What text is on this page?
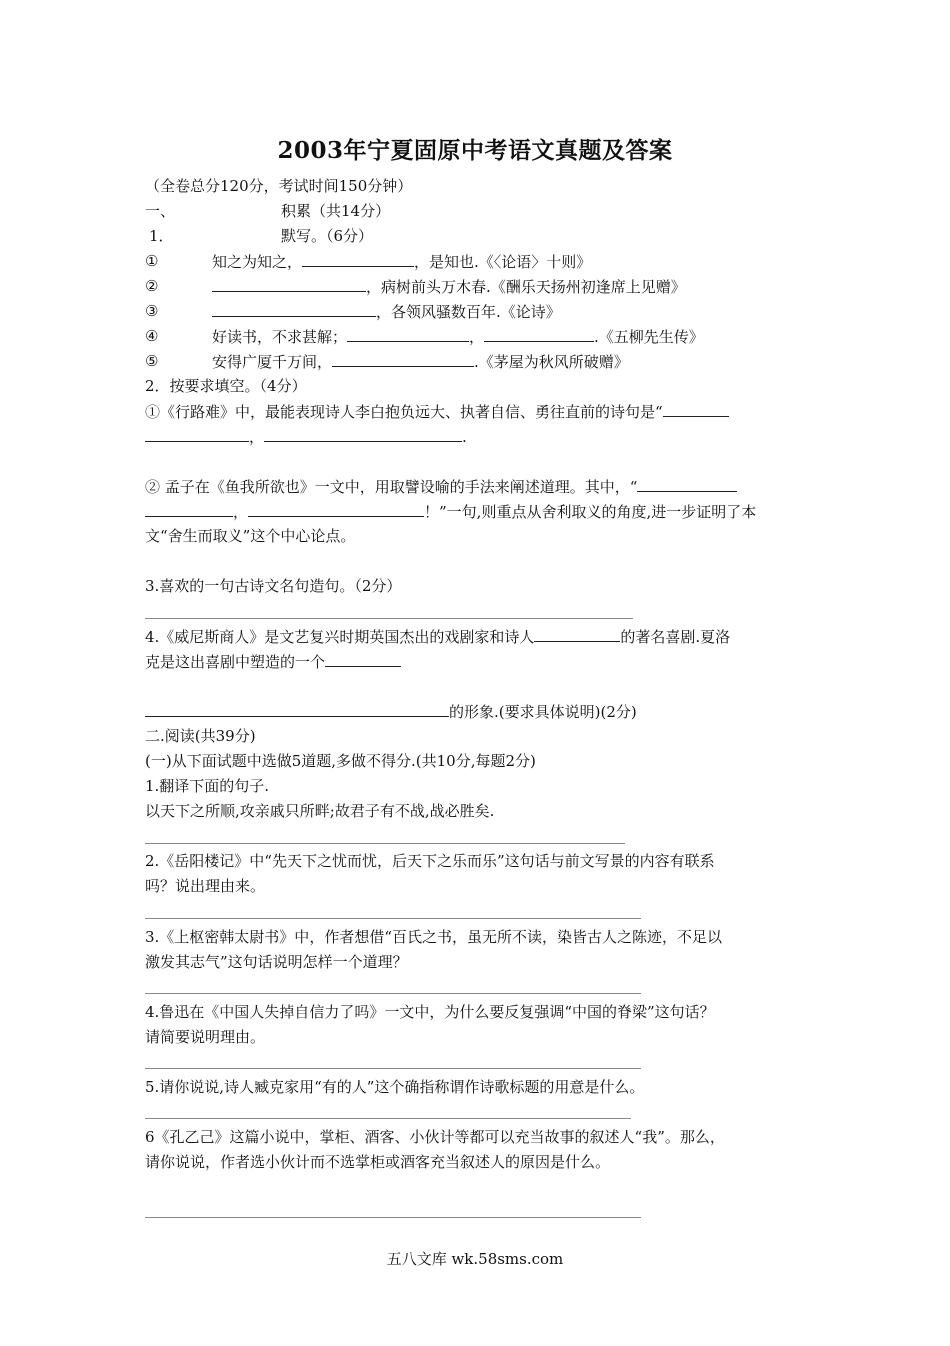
2003年宁夏固原中考语文真题及答案
（全卷总分120分，考试时间150分钟）
一、	积累（共14分）
1．	默写。（6分）
①	知之为知之，	，是知也.《〈论语〉十则》
②	，病树前头万木春.《酬乐天扬州初逢席上见赠》
③	，各领风骚数百年.《论诗》
④	好读书，不求甚解；	，	.《五柳先生传》
⑤	安得广厦千万间，	.《茅屋为秋风所破赠》
2．按要求填空。（4分）
①《行路难》中，最能表现诗人李白抱负远大、执著自信、勇往直前的诗句是“
，	.
② 孟子在《鱼我所欲也》一文中，用取譬设喻的手法来阐述道理。其中，“
，	！”一句,则重点从舍利取义的角度,进一步证明了本
文“舍生而取义”这个中心论点。
3.喜欢的一句古诗文名句造句。（2分）
4.《威尼斯商人》是文艺复兴时期英国杰出的戏剧家和诗人	的著名喜剧.夏洛
克是这出喜剧中塑造的一个
的形象.(要求具体说明)(2分)
二.阅读(共39分)
(一)从下面试题中选做5道题,多做不得分.(共10分,每题2分)
1.翻译下面的句子.
以天下之所顺,攻亲戚只所畔;故君子有不战,战必胜矣.
2.《岳阳楼记》中“先天下之忧而忧，后天下之乐而乐”这句话与前文写景的内容有联系
吗？说出理由来。
3.《上枢密韩太尉书》中，作者想借“百氏之书，虽无所不读，染皆古人之陈迹，不足以
激发其志气”这句话说明怎样一个道理？
4.鲁迅在《中国人失掉自信力了吗》一文中，为什么要反复强调“中国的脊梁”这句话？
请简要说明理由。
5.请你说说,诗人臧克家用“有的人”这个确指称谓作诗歌标题的用意是什么。
6《孔乙己》这篇小说中，掌柜、酒客、小伙计等都可以充当故事的叙述人“我”。那么，
请你说说，作者选小伙计而不选掌柜或酒客充当叙述人的原因是什么。
五八文库 wk.58sms.com
